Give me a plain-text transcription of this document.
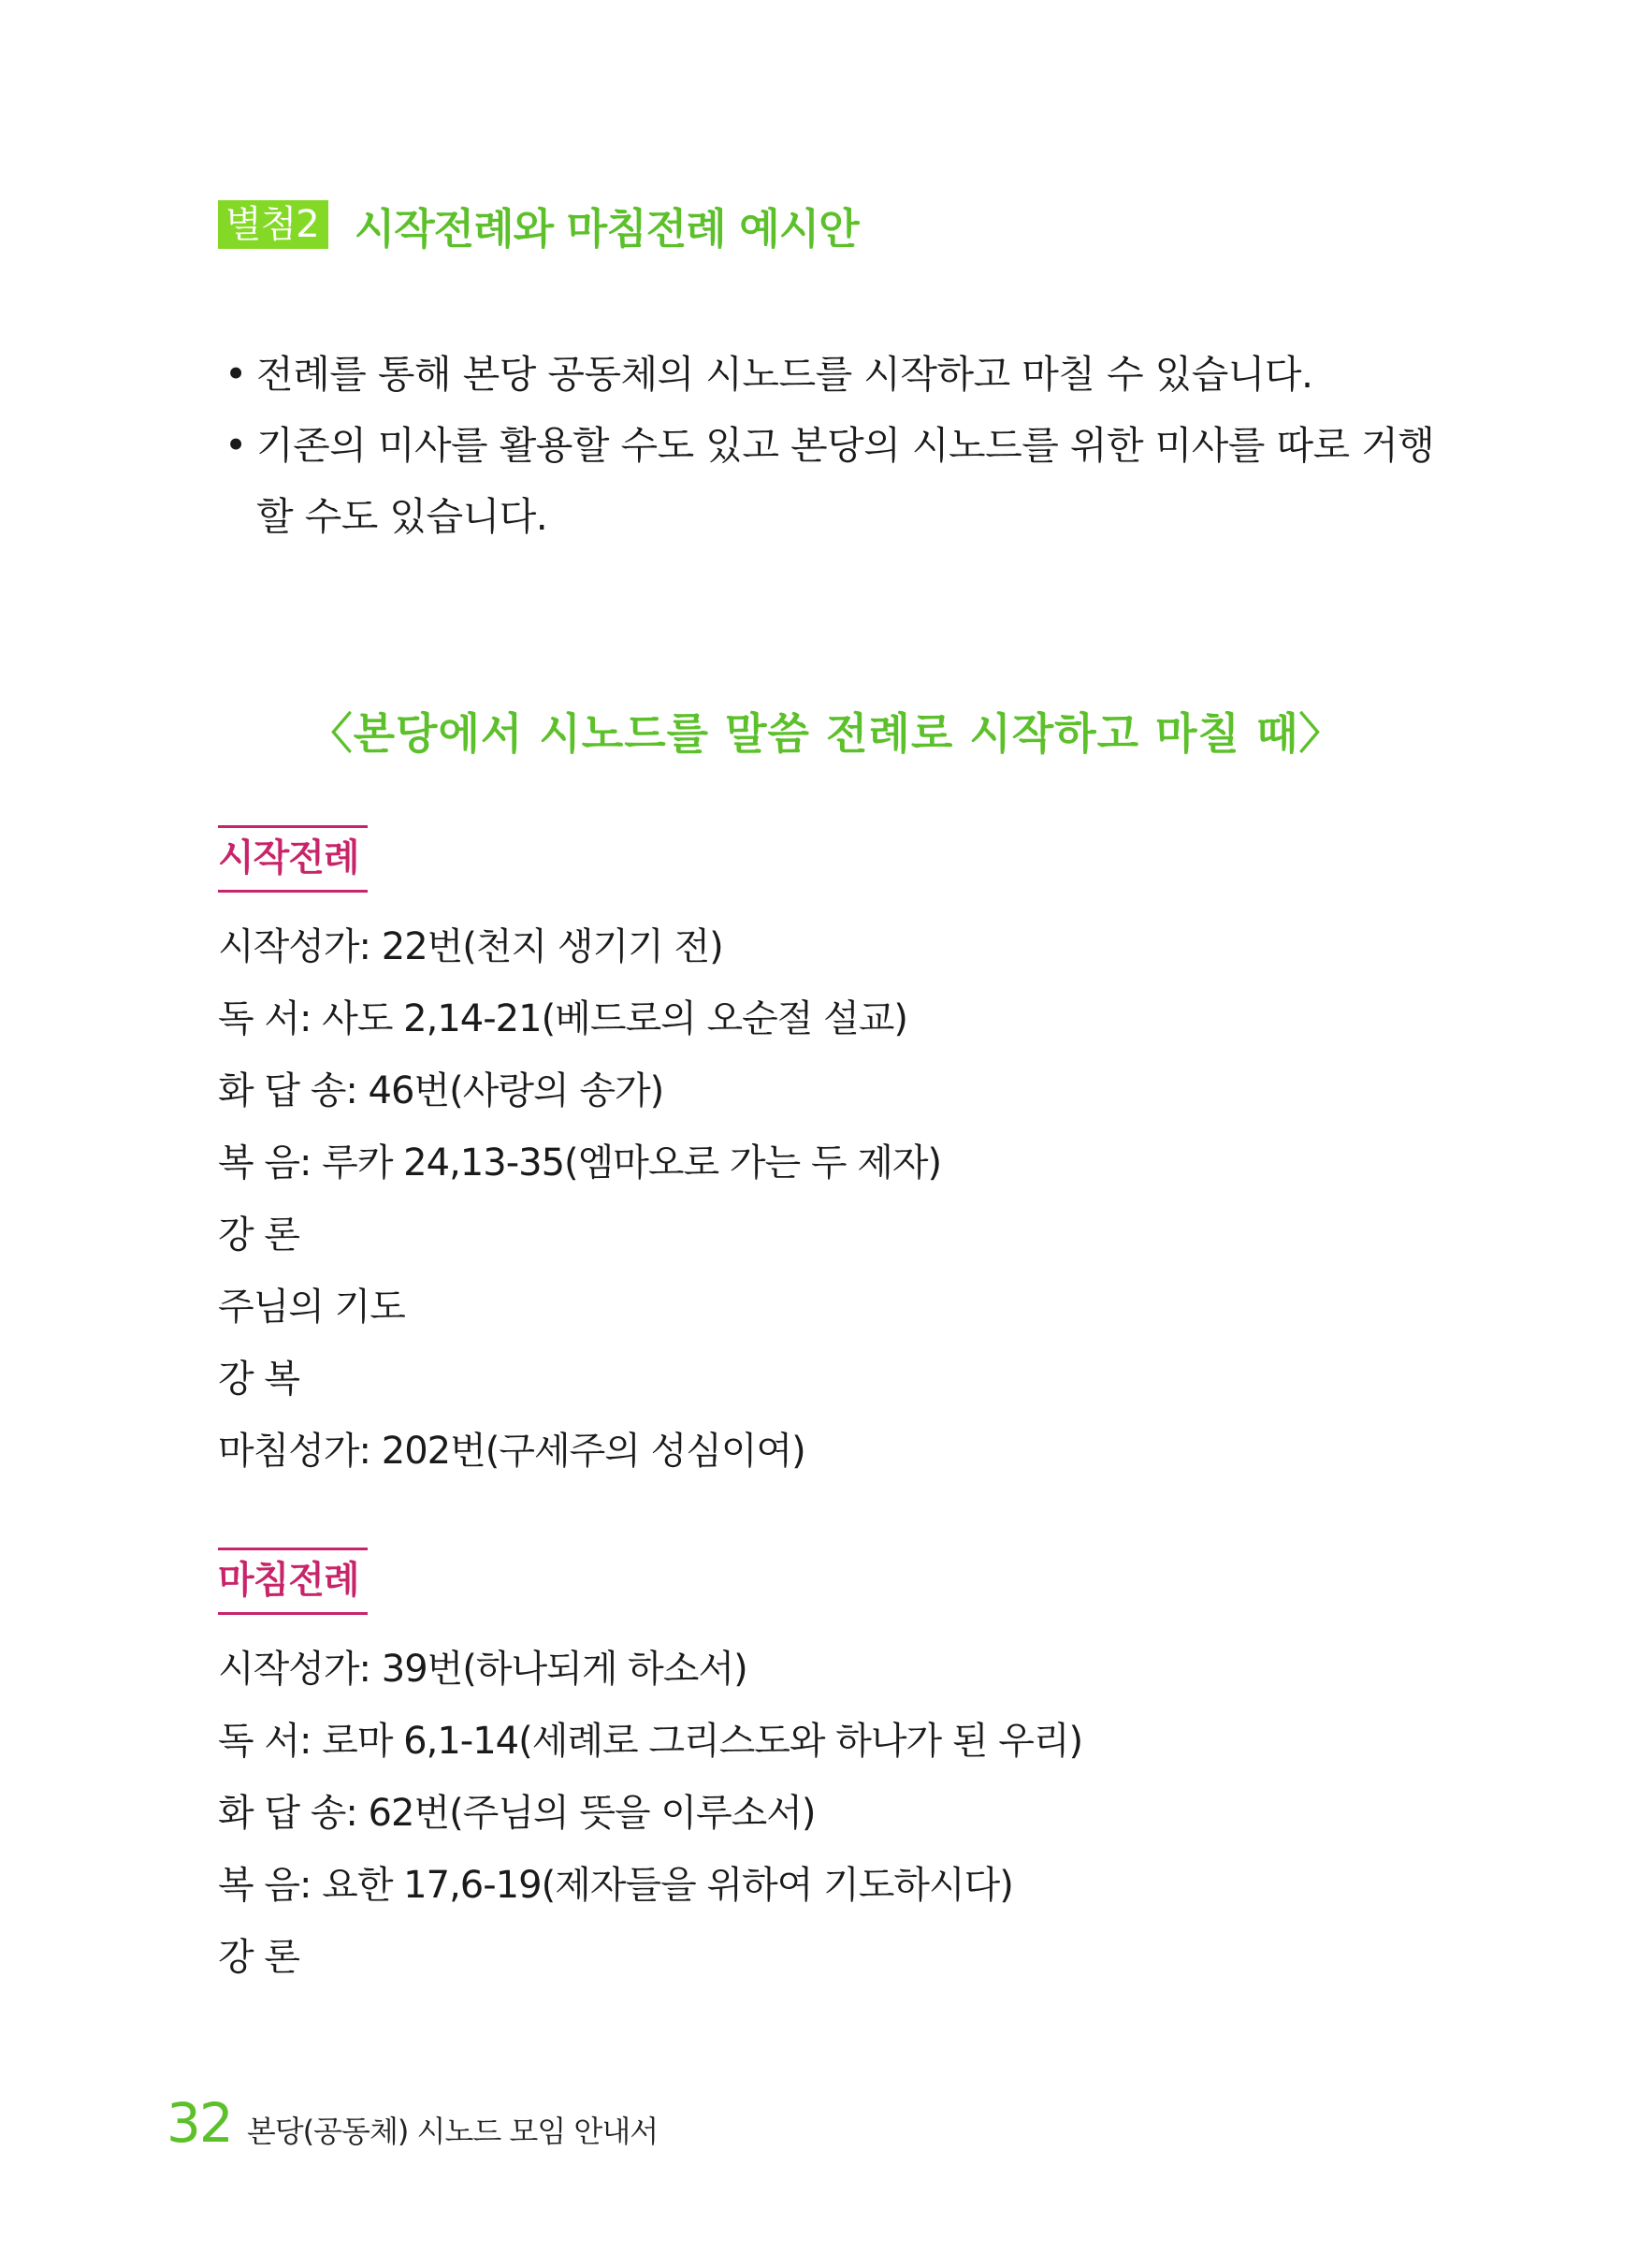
별첨2 시작전례와 마침전례 예시안
• 전례를 통해 본당 공동체의 시노드를 시작하고 마칠 수 있습니다.
• 기존의 미사를 활용할 수도 있고 본당의 시노드를 위한 미사를 따로 거행할 수도 있습니다.
〈본당에서 시노드를 말씀 전례로 시작하고 마칠 때〉
시작전례
시작성가: 22번(천지 생기기 전)
독 서: 사도 2,14-21(베드로의 오순절 설교)
화 답 송: 46번(사랑의 송가)
복 음: 루카 24,13-35(엠마오로 가는 두 제자)
강 론
주님의 기도
강 복
마침성가: 202번(구세주의 성심이여)
마침전례
시작성가: 39번(하나되게 하소서)
독 서: 로마 6,1-14(세례로 그리스도와 하나가 된 우리)
화 답 송: 62번(주님의 뜻을 이루소서)
복 음: 요한 17,6-19(제자들을 위하여 기도하시다)
강 론
32 본당(공동체) 시노드 모임 안내서
